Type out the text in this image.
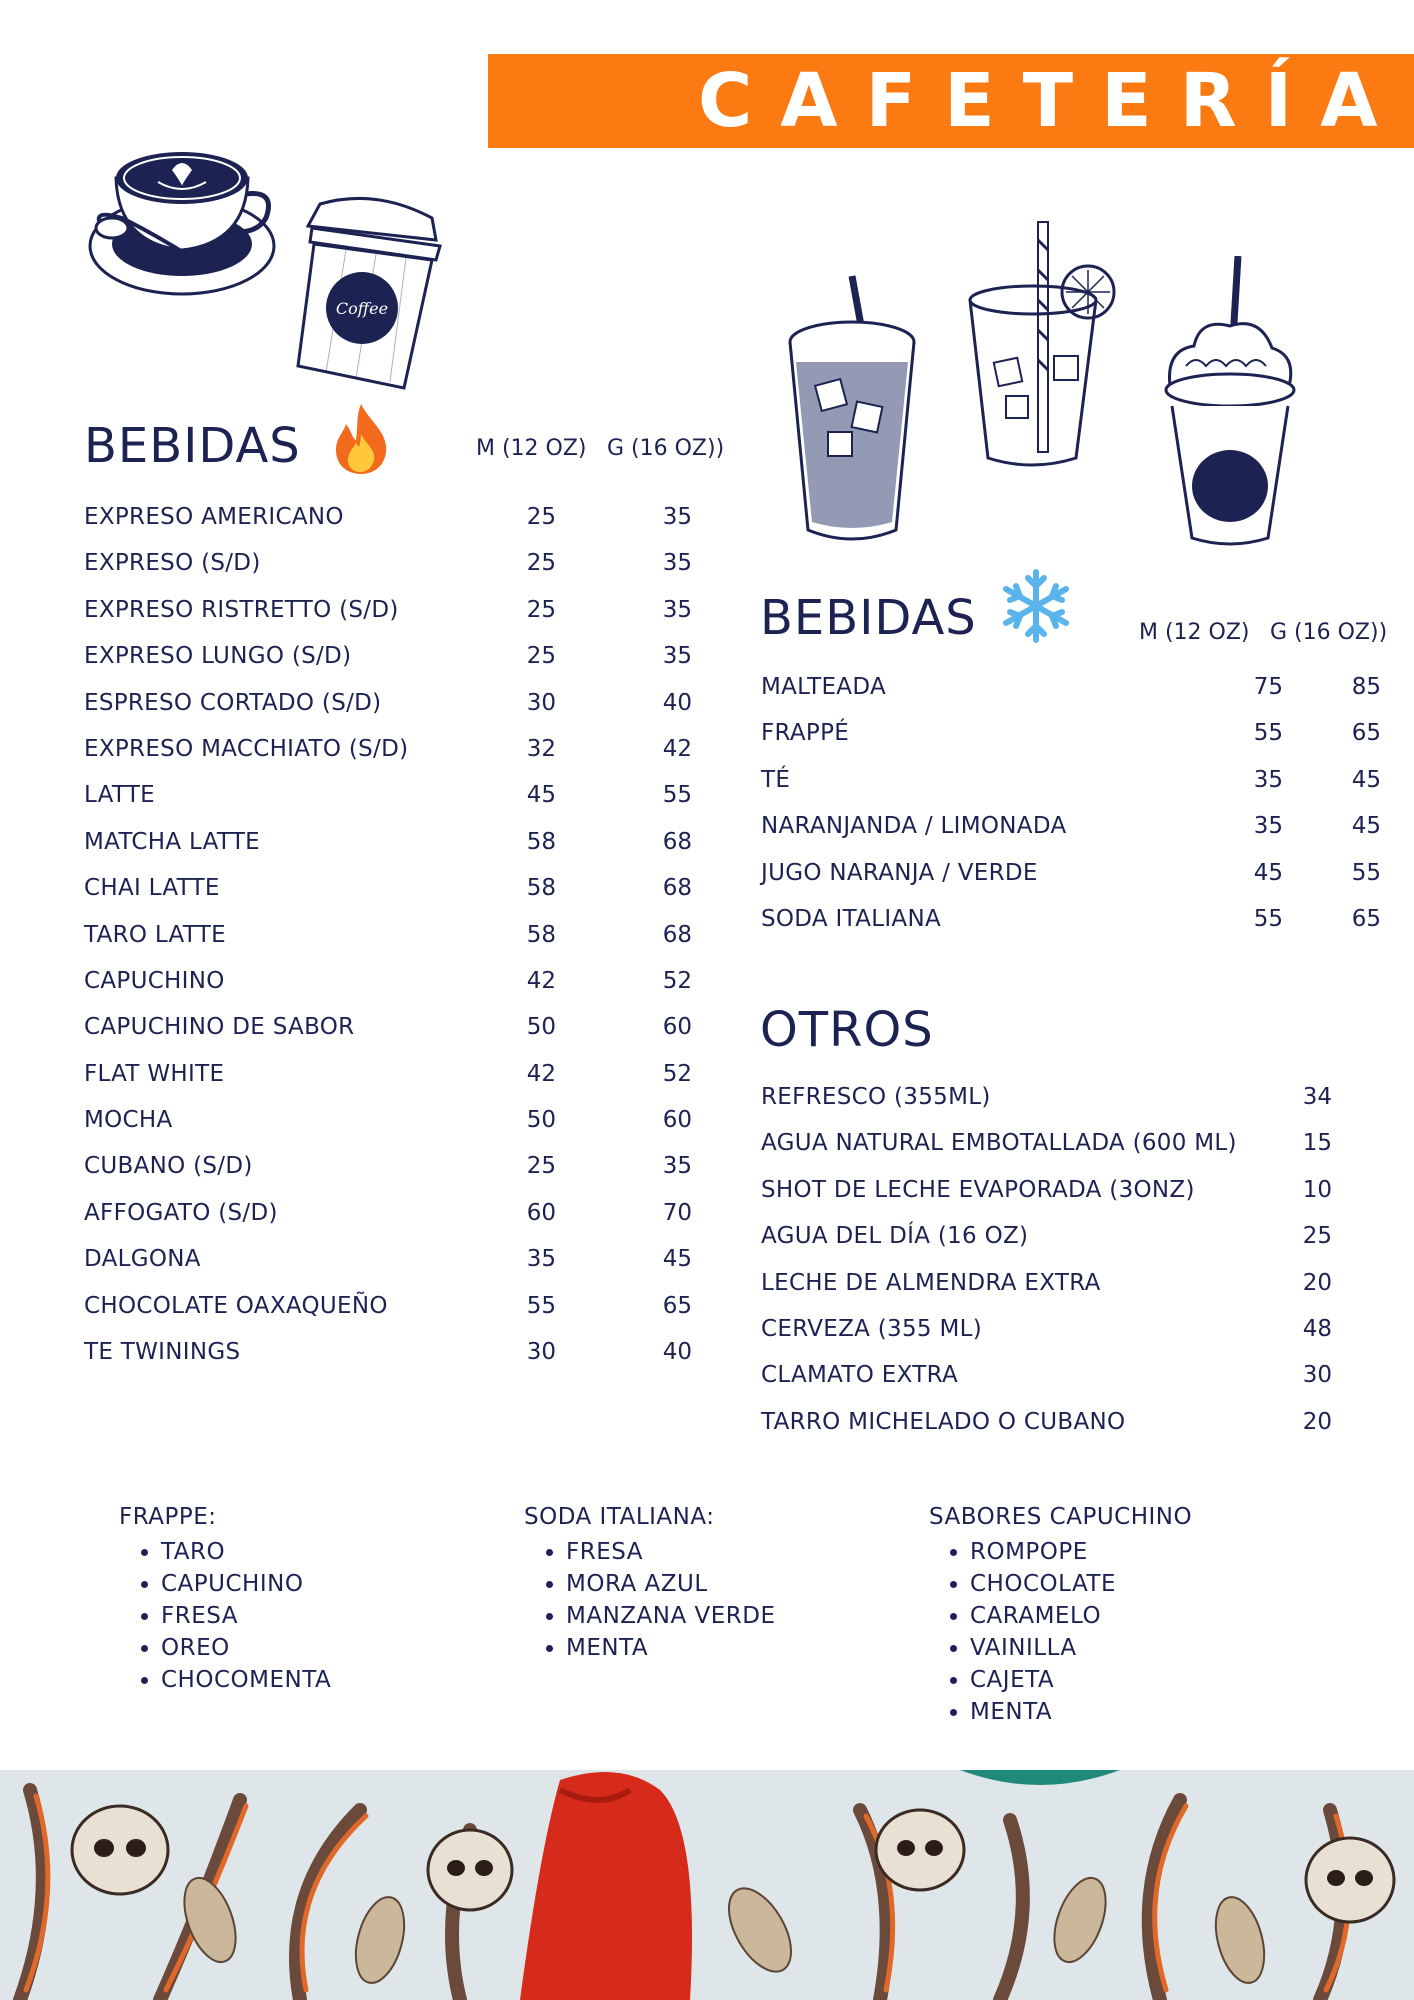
CAFETERÍA
Coffee
BEBIDAS	M (12 OZ) G (16 OZ))
EXPRESO AMERICANO	25	35
EXPRESO (S/D)	25	35
EXPRESO RISTRETTO (S/D)	25	35
EXPRESO LUNGO (S/D)	25	35
ESPRESO CORTADO (S/D)	30	40
EXPRESO MACCHIATO (S/D)	32	42
LATTE	45	55
MATCHA LATTE	58	68
CHAI LATTE	58	68
TARO LATTE	58	68
CAPUCHINO	42	52
CAPUCHINO DE SABOR	50	60
FLAT WHITE	42	52
MOCHA	50	60
CUBANO (S/D)	25	35
AFFOGATO (S/D)	60	70
DALGONA	35	45
CHOCOLATE OAXAQUEÑO	55	65
TE TWININGS	30	40
BEBIDAS	M (12 OZ) G (16 OZ))
MALTEADA	75	85
FRAPPÉ	55	65
TÉ	35	45
NARANJANDA / LIMONADA	35	45
JUGO NARANJA / VERDE	45	55
SODA ITALIANA	55	65
OTROS
REFRESCO (355ML)	34
AGUA NATURAL EMBOTALLADA (600 ML)	15
SHOT DE LECHE EVAPORADA (3ONZ)	10
AGUA DEL DÍA (16 OZ)	25
LECHE DE ALMENDRA EXTRA	20
CERVEZA (355 ML)	48
CLAMATO EXTRA	30
TARRO MICHELADO O CUBANO	20
FRAPPE:
• TARO
• CAPUCHINO
• FRESA
• OREO
• CHOCOMENTA
SODA ITALIANA:
• FRESA
• MORA AZUL
• MANZANA VERDE
• MENTA
SABORES CAPUCHINO
• ROMPOPE
• CHOCOLATE
• CARAMELO
• VAINILLA
• CAJETA
• MENTA
